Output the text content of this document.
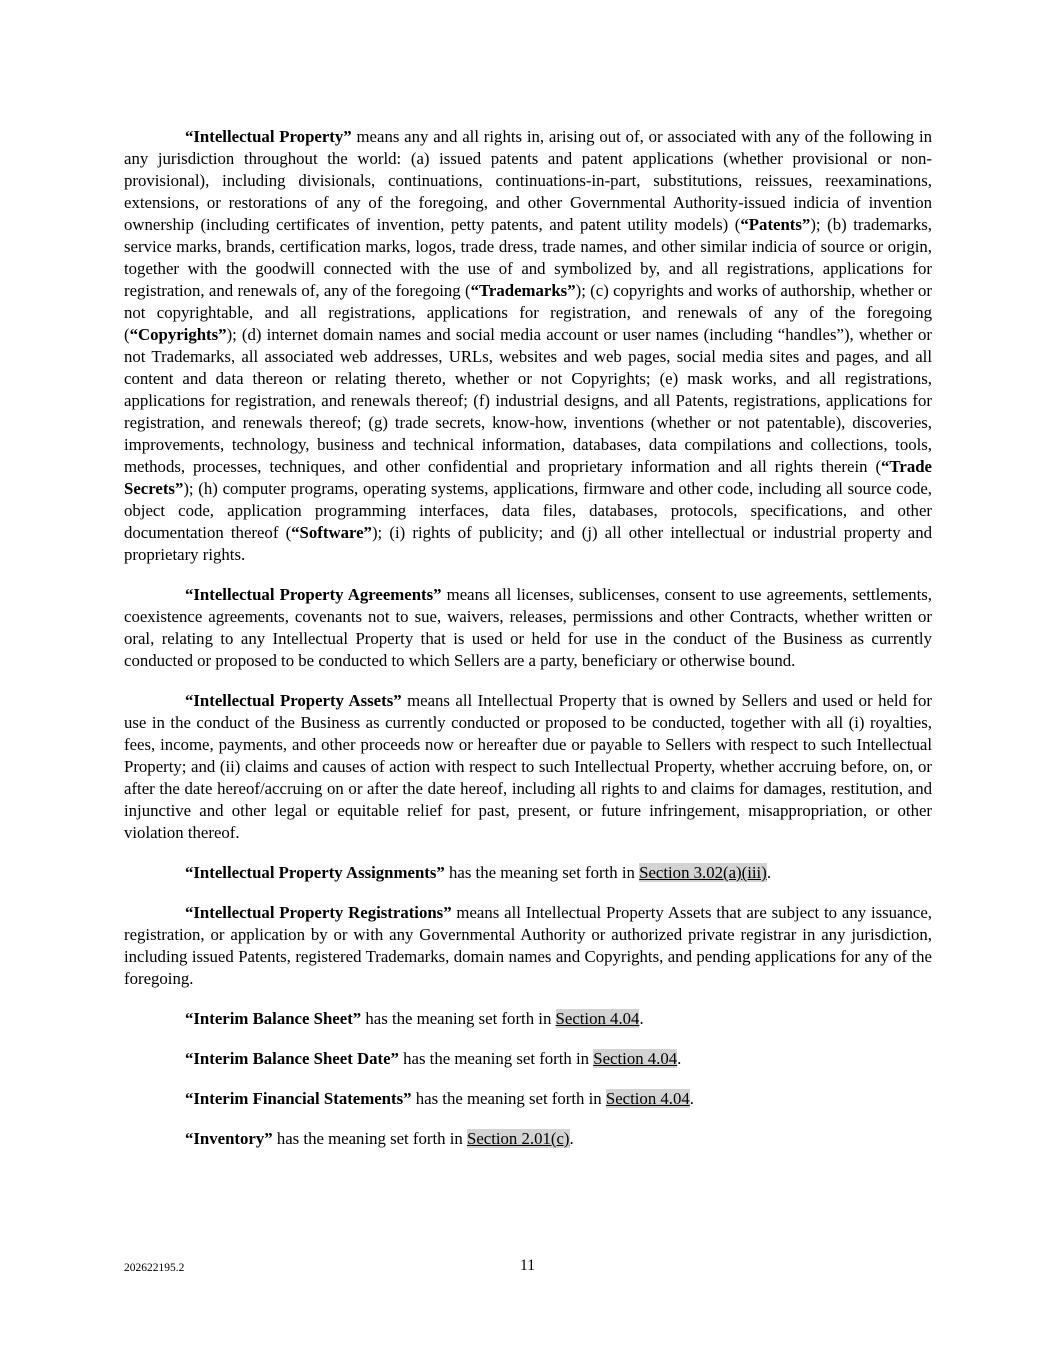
“Intellectual Property” means any and all rights in, arising out of, or associated with any of the following in any jurisdiction throughout the world: (a) issued patents and patent applications (whether provisional or non-provisional), including divisionals, continuations, continuations-in-part, substitutions, reissues, reexaminations, extensions, or restorations of any of the foregoing, and other Governmental Authority-issued indicia of invention ownership (including certificates of invention, petty patents, and patent utility models) (“Patents”); (b) trademarks, service marks, brands, certification marks, logos, trade dress, trade names, and other similar indicia of source or origin, together with the goodwill connected with the use of and symbolized by, and all registrations, applications for registration, and renewals of, any of the foregoing (“Trademarks”); (c) copyrights and works of authorship, whether or not copyrightable, and all registrations, applications for registration, and renewals of any of the foregoing (“Copyrights”); (d) internet domain names and social media account or user names (including “handles”), whether or not Trademarks, all associated web addresses, URLs, websites and web pages, social media sites and pages, and all content and data thereon or relating thereto, whether or not Copyrights; (e) mask works, and all registrations, applications for registration, and renewals thereof; (f) industrial designs, and all Patents, registrations, applications for registration, and renewals thereof; (g) trade secrets, know-how, inventions (whether or not patentable), discoveries, improvements, technology, business and technical information, databases, data compilations and collections, tools, methods, processes, techniques, and other confidential and proprietary information and all rights therein (“Trade Secrets”); (h) computer programs, operating systems, applications, firmware and other code, including all source code, object code, application programming interfaces, data files, databases, protocols, specifications, and other documentation thereof (“Software”); (i) rights of publicity; and (j) all other intellectual or industrial property and proprietary rights.

“Intellectual Property Agreements” means all licenses, sublicenses, consent to use agreements, settlements, coexistence agreements, covenants not to sue, waivers, releases, permissions and other Contracts, whether written or oral, relating to any Intellectual Property that is used or held for use in the conduct of the Business as currently conducted or proposed to be conducted to which Sellers are a party, beneficiary or otherwise bound.

“Intellectual Property Assets” means all Intellectual Property that is owned by Sellers and used or held for use in the conduct of the Business as currently conducted or proposed to be conducted, together with all (i) royalties, fees, income, payments, and other proceeds now or hereafter due or payable to Sellers with respect to such Intellectual Property; and (ii) claims and causes of action with respect to such Intellectual Property, whether accruing before, on, or after the date hereof/accruing on or after the date hereof, including all rights to and claims for damages, restitution, and injunctive and other legal or equitable relief for past, present, or future infringement, misappropriation, or other violation thereof.

“Intellectual Property Assignments” has the meaning set forth in Section 3.02(a)(iii).

“Intellectual Property Registrations” means all Intellectual Property Assets that are subject to any issuance, registration, or application by or with any Governmental Authority or authorized private registrar in any jurisdiction, including issued Patents, registered Trademarks, domain names and Copyrights, and pending applications for any of the foregoing.

“Interim Balance Sheet” has the meaning set forth in Section 4.04.

“Interim Balance Sheet Date” has the meaning set forth in Section 4.04.

“Interim Financial Statements” has the meaning set forth in Section 4.04.

“Inventory” has the meaning set forth in Section 2.01(c).

202622195.2	11
